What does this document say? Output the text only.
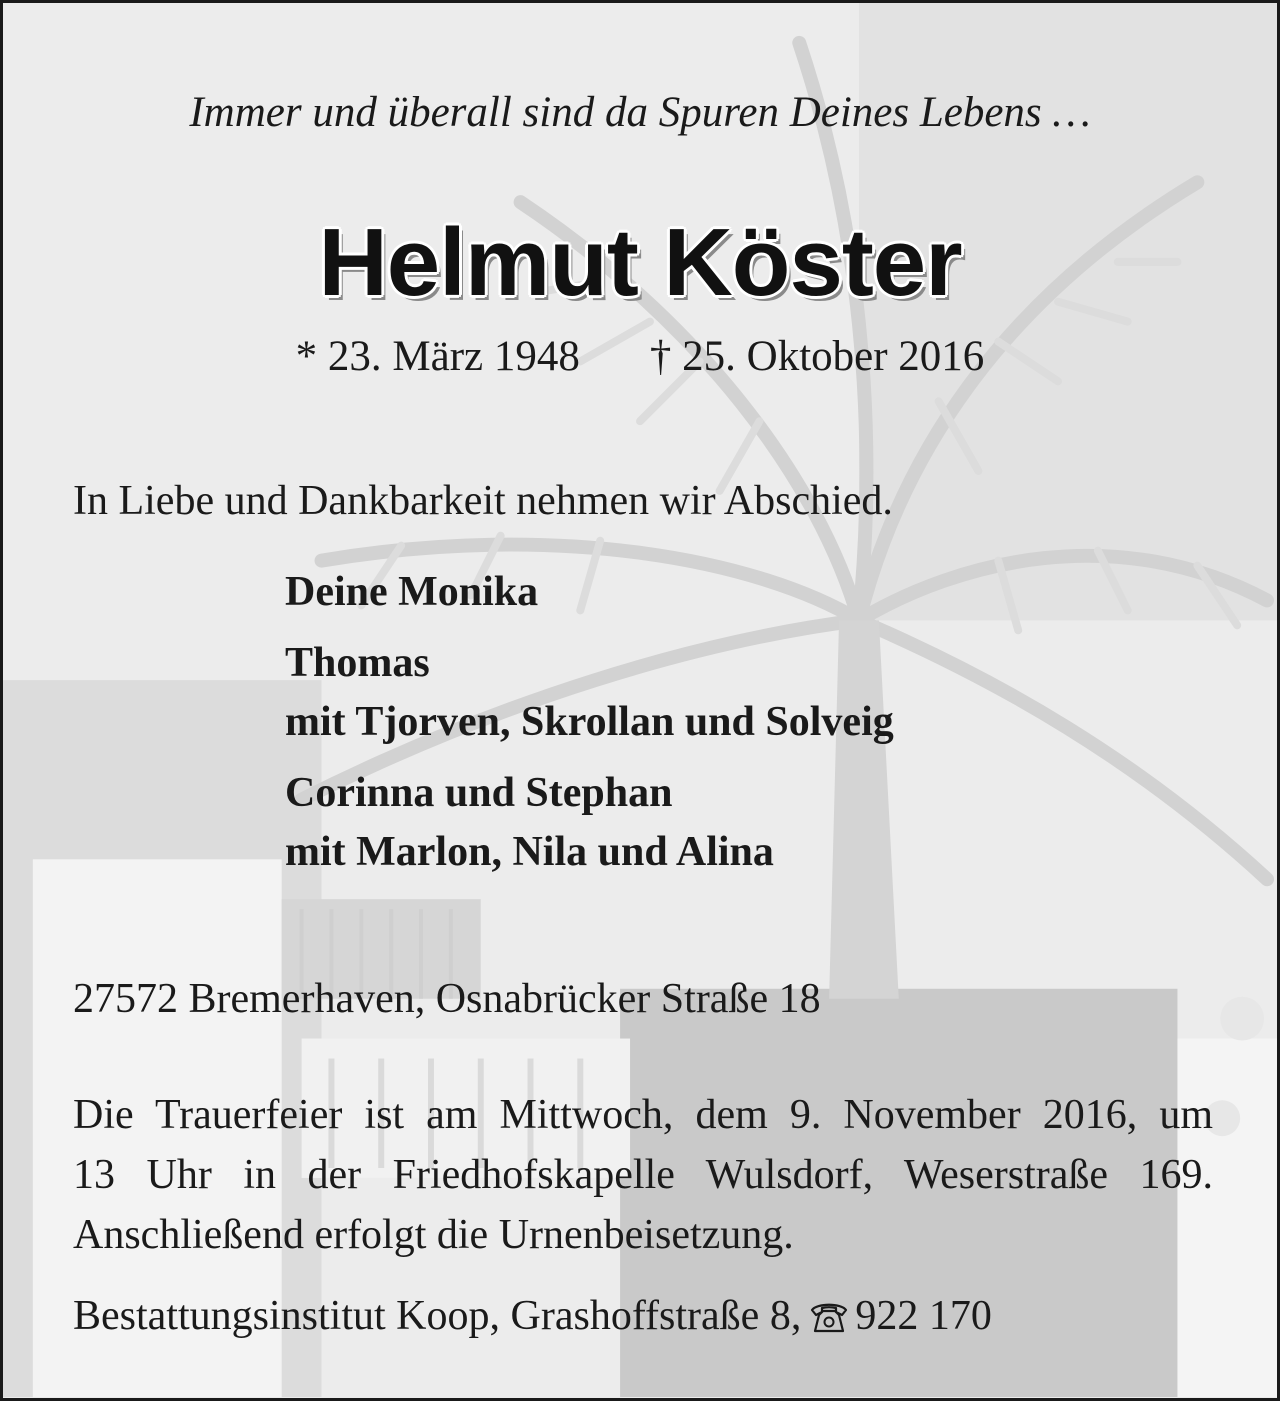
Immer und überall sind da Spuren Deines Lebens …
Helmut Köster
* 23. März 1948 † 25. Oktober 2016
In Liebe und Dankbarkeit nehmen wir Abschied.
Deine Monika
Thomas
mit Tjorven, Skrollan und Solveig
Corinna und Stephan
mit Marlon, Nila und Alina
27572 Bremerhaven, Osnabrücker Straße 18
Die Trauerfeier ist am Mittwoch, dem 9. November 2016, um
13 Uhr in der Friedhofskapelle Wulsdorf, Weserstraße 169.
Anschließend erfolgt die Urnenbeisetzung.
Bestattungsinstitut Koop, Grashoffstraße 8, 922 170
